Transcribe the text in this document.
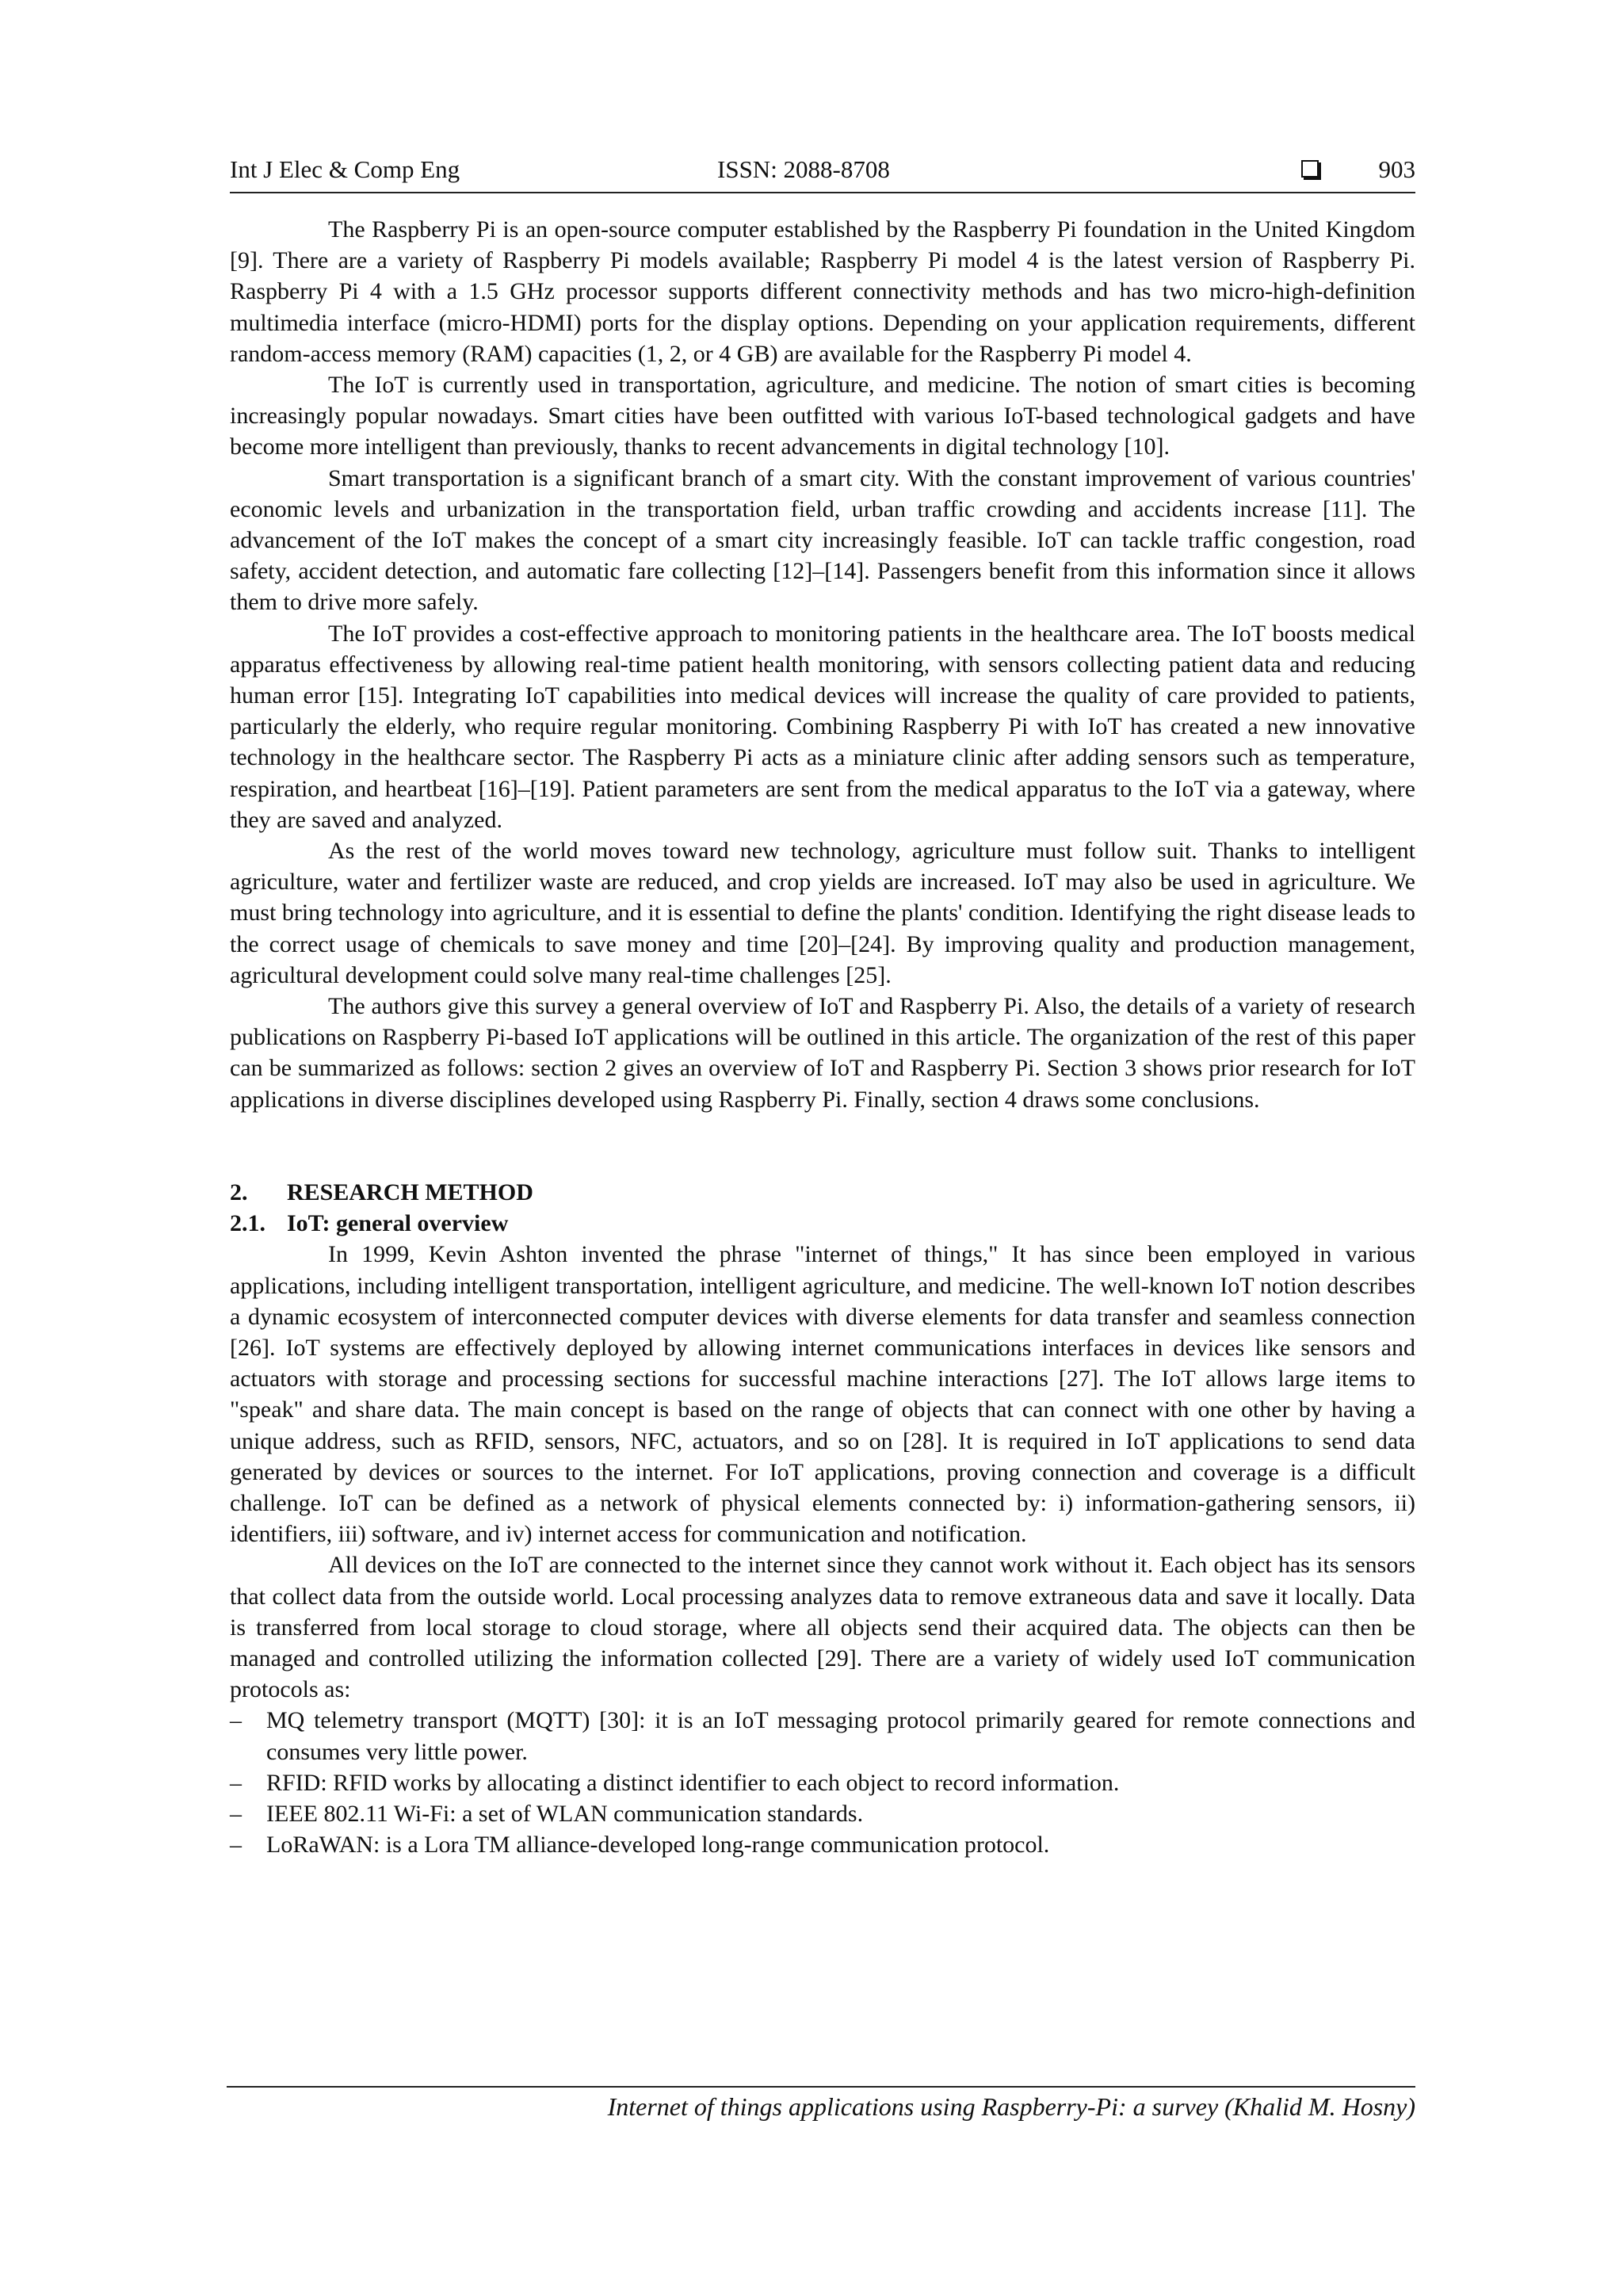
Int J Elec & Comp Eng	ISSN: 2088-8708	903

The Raspberry Pi is an open-source computer established by the Raspberry Pi foundation in the United Kingdom [9]. There are a variety of Raspberry Pi models available; Raspberry Pi model 4 is the latest version of Raspberry Pi. Raspberry Pi 4 with a 1.5 GHz processor supports different connectivity methods and has two micro-high-definition multimedia interface (micro-HDMI) ports for the display options. Depending on your application requirements, different random-access memory (RAM) capacities (1, 2, or 4 GB) are available for the Raspberry Pi model 4.

The IoT is currently used in transportation, agriculture, and medicine. The notion of smart cities is becoming increasingly popular nowadays. Smart cities have been outfitted with various IoT-based technological gadgets and have become more intelligent than previously, thanks to recent advancements in digital technology [10].

Smart transportation is a significant branch of a smart city. With the constant improvement of various countries' economic levels and urbanization in the transportation field, urban traffic crowding and accidents increase [11]. The advancement of the IoT makes the concept of a smart city increasingly feasible. IoT can tackle traffic congestion, road safety, accident detection, and automatic fare collecting [12]–[14]. Passengers benefit from this information since it allows them to drive more safely.

The IoT provides a cost-effective approach to monitoring patients in the healthcare area. The IoT boosts medical apparatus effectiveness by allowing real-time patient health monitoring, with sensors collecting patient data and reducing human error [15]. Integrating IoT capabilities into medical devices will increase the quality of care provided to patients, particularly the elderly, who require regular monitoring. Combining Raspberry Pi with IoT has created a new innovative technology in the healthcare sector. The Raspberry Pi acts as a miniature clinic after adding sensors such as temperature, respiration, and heartbeat [16]–[19]. Patient parameters are sent from the medical apparatus to the IoT via a gateway, where they are saved and analyzed.

As the rest of the world moves toward new technology, agriculture must follow suit. Thanks to intelligent agriculture, water and fertilizer waste are reduced, and crop yields are increased. IoT may also be used in agriculture. We must bring technology into agriculture, and it is essential to define the plants' condition. Identifying the right disease leads to the correct usage of chemicals to save money and time [20]–[24]. By improving quality and production management, agricultural development could solve many real-time challenges [25].

The authors give this survey a general overview of IoT and Raspberry Pi. Also, the details of a variety of research publications on Raspberry Pi-based IoT applications will be outlined in this article. The organization of the rest of this paper can be summarized as follows: section 2 gives an overview of IoT and Raspberry Pi. Section 3 shows prior research for IoT applications in diverse disciplines developed using Raspberry Pi. Finally, section 4 draws some conclusions.

2. RESEARCH METHOD
2.1. IoT: general overview

In 1999, Kevin Ashton invented the phrase "internet of things," It has since been employed in various applications, including intelligent transportation, intelligent agriculture, and medicine. The well-known IoT notion describes a dynamic ecosystem of interconnected computer devices with diverse elements for data transfer and seamless connection [26]. IoT systems are effectively deployed by allowing internet communications interfaces in devices like sensors and actuators with storage and processing sections for successful machine interactions [27]. The IoT allows large items to "speak" and share data. The main concept is based on the range of objects that can connect with one other by having a unique address, such as RFID, sensors, NFC, actuators, and so on [28]. It is required in IoT applications to send data generated by devices or sources to the internet. For IoT applications, proving connection and coverage is a difficult challenge. IoT can be defined as a network of physical elements connected by: i) information-gathering sensors, ii) identifiers, iii) software, and iv) internet access for communication and notification.

All devices on the IoT are connected to the internet since they cannot work without it. Each object has its sensors that collect data from the outside world. Local processing analyzes data to remove extraneous data and save it locally. Data is transferred from local storage to cloud storage, where all objects send their acquired data. The objects can then be managed and controlled utilizing the information collected [29]. There are a variety of widely used IoT communication protocols as:

– MQ telemetry transport (MQTT) [30]: it is an IoT messaging protocol primarily geared for remote connections and consumes very little power.
– RFID: RFID works by allocating a distinct identifier to each object to record information.
– IEEE 802.11 Wi-Fi: a set of WLAN communication standards.
– LoRaWAN: is a Lora TM alliance-developed long-range communication protocol.
Internet of things applications using Raspberry-Pi: a survey (Khalid M. Hosny)
